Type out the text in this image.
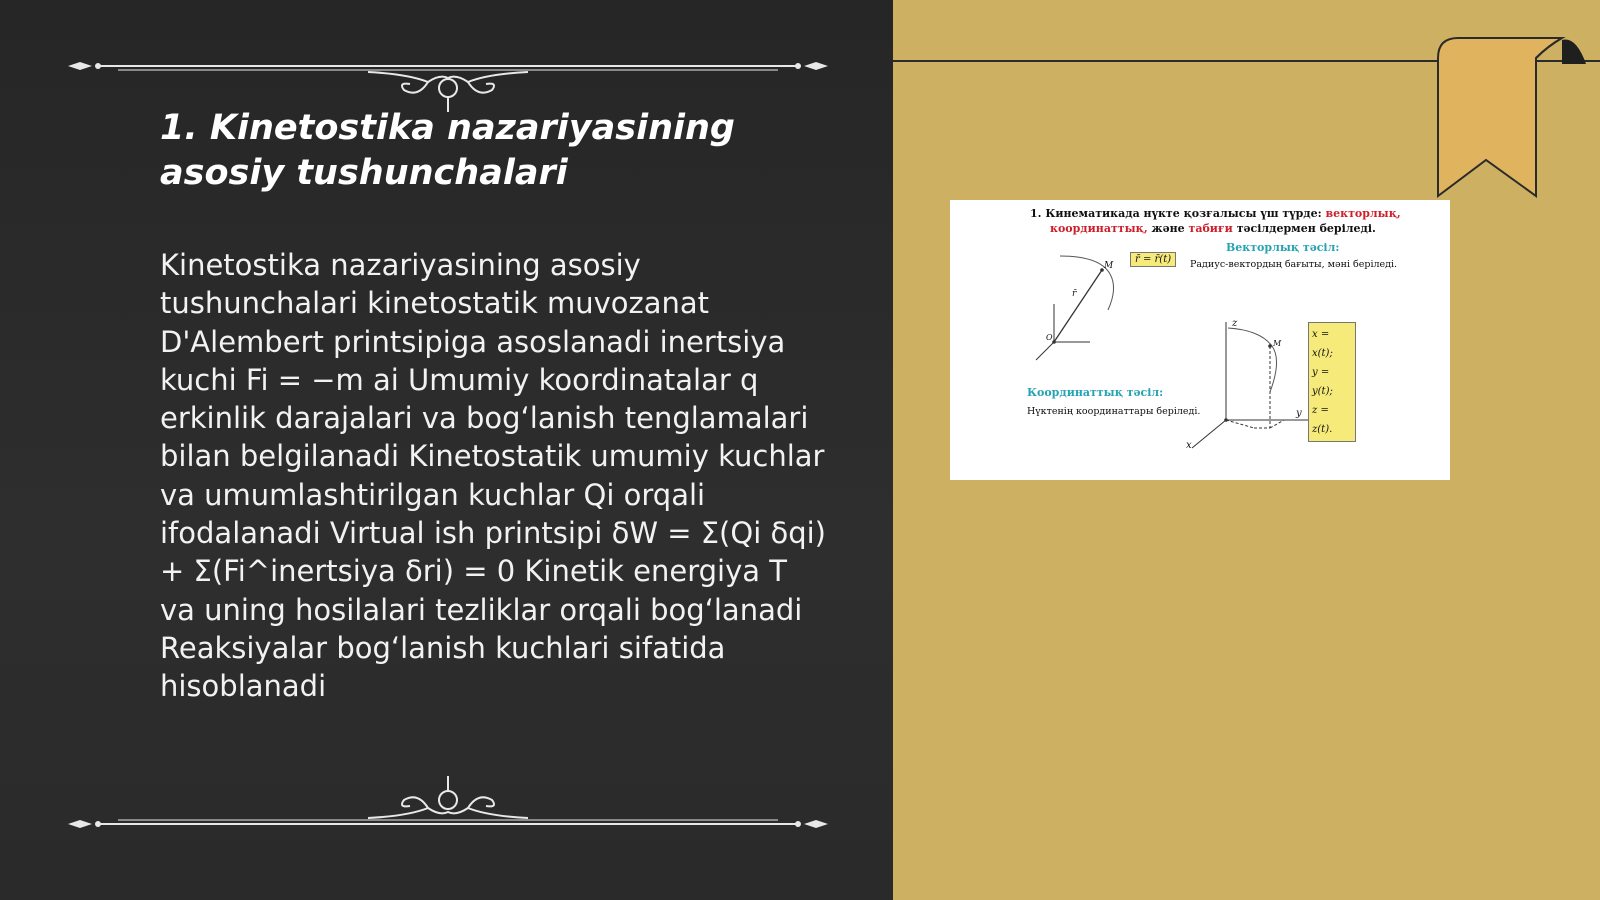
1. Kinetostika nazariyasining asosiy tushunchalari

Kinetostika nazariyasining asosiy tushunchalari kinetostatik muvozanat D'Alembert printsipiga asoslanadi inertsiya kuchi Fi = −m ai Umumiy koordinatalar q erkinlik darajalari va bog‘lanish tenglamalari bilan belgilanadi Kinetostatik umumiy kuchlar va umumlashtirilgan kuchlar Qi orqali ifodalanadi Virtual ish printsipi δW = Σ(Qi δqi) + Σ(Fi^inertsiya δri) = 0 Kinetik energiya T va uning hosilalari tezliklar orqali bog‘lanadi Reaksiyalar bog‘lanish kuchlari sifatida hisoblanadi

1. Кинематикада нүкте қозғалысы үш түрде: векторлық,
координаттық, және табиғи тәсілдермен беріледі.
Векторлық тәсіл:
Радиус-вектордың бағыты, мәні беріледі.
r̄ = r̄(t)
Координаттық тәсіл:
Нүктенің координаттары беріледі.
x = x(t);
y = y(t);
z = z(t).
M
O
r̄
z
y
x
M
